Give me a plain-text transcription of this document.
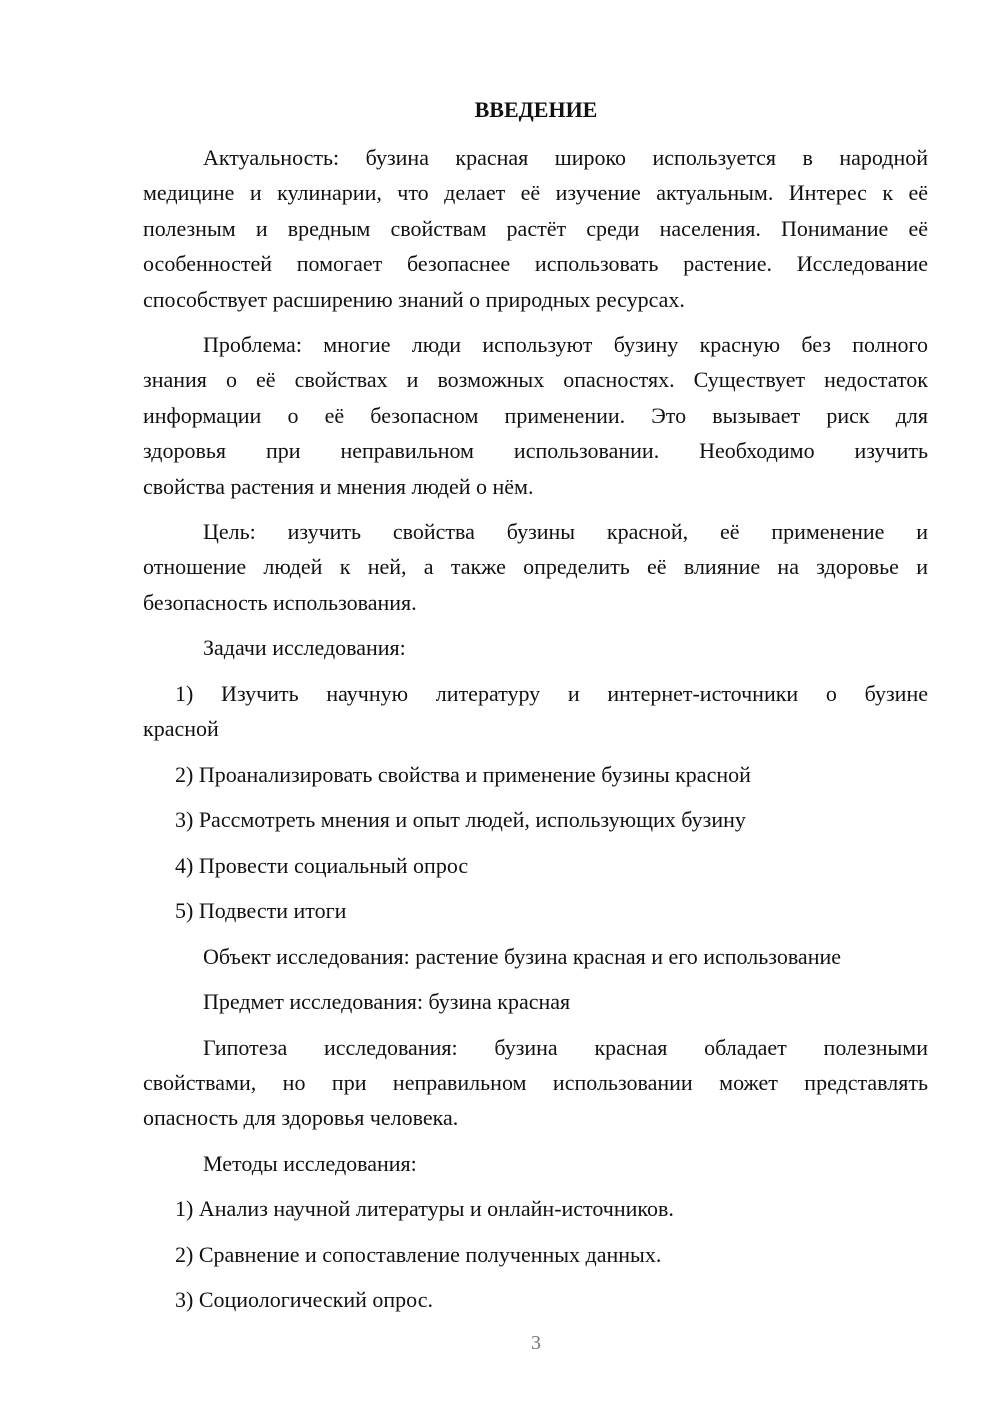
ВВЕДЕНИЕ
Актуальность: бузина красная широко используется в народной
медицине и кулинарии, что делает её изучение актуальным. Интерес к её
полезным и вредным свойствам растёт среди населения. Понимание её
особенностей помогает безопаснее использовать растение. Исследование
способствует расширению знаний о природных ресурсах.
Проблема: многие люди используют бузину красную без полного
знания о её свойствах и возможных опасностях. Существует недостаток
информации о её безопасном применении. Это вызывает риск для
здоровья при неправильном использовании. Необходимо изучить
свойства растения и мнения людей о нём.
Цель: изучить свойства бузины красной, её применение и
отношение людей к ней, а также определить её влияние на здоровье и
безопасность использования.
Задачи исследования:
1) Изучить научную литературу и интернет-источники о бузине
красной
2) Проанализировать свойства и применение бузины красной
3) Рассмотреть мнения и опыт людей, использующих бузину
4) Провести социальный опрос
5) Подвести итоги
Объект исследования: растение бузина красная и его использование
Предмет исследования: бузина красная
Гипотеза исследования: бузина красная обладает полезными
свойствами, но при неправильном использовании может представлять
опасность для здоровья человека.
Методы исследования:
1) Анализ научной литературы и онлайн-источников.
2) Сравнение и сопоставление полученных данных.
3) Социологический опрос.
3
